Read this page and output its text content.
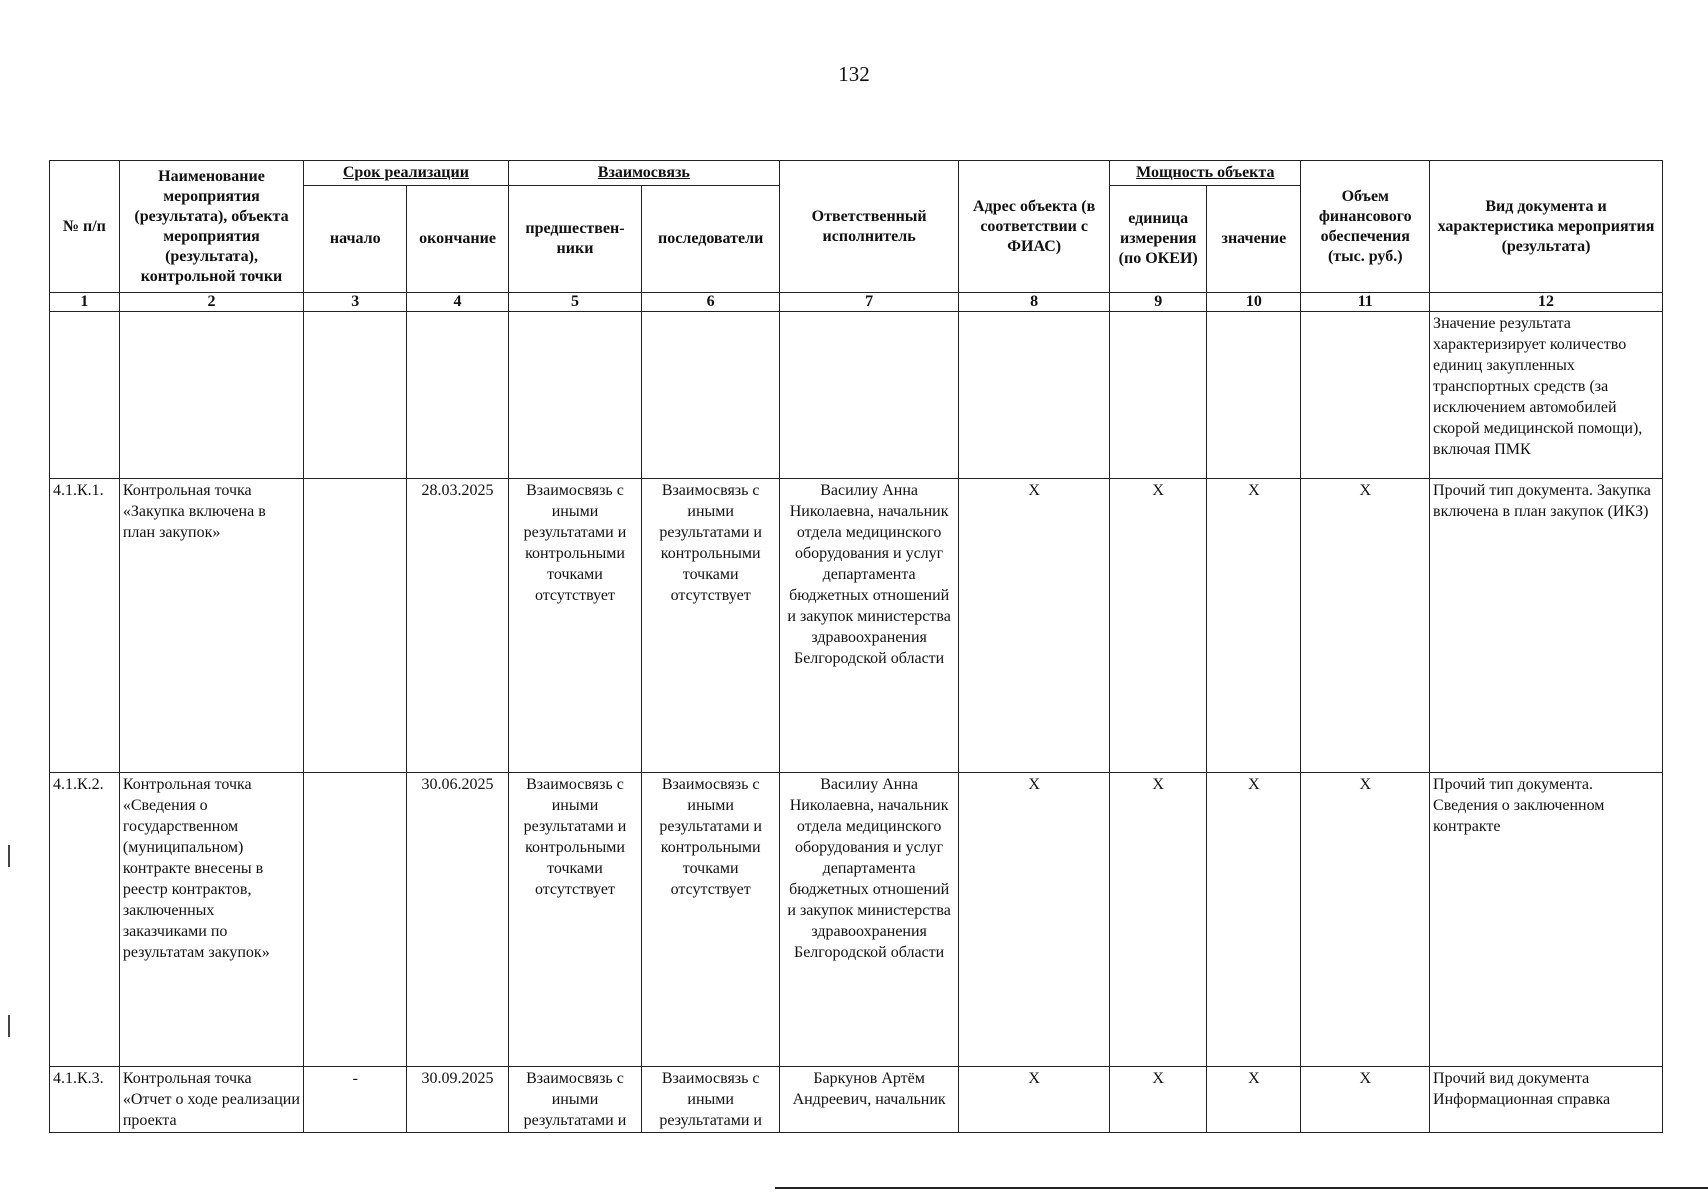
132
№ п/п	Наименование мероприятия (результата), объекта мероприятия (результата), контрольной точки	Срок реализации		Взаимосвязь		Ответственный исполнитель	Адрес объекта (в соответствии с ФИАС)	Мощность объекта		Объем финансового обеспечения (тыс. руб.)	Вид документа и характеристика мероприятия (результата)
		начало	окончание	предшествен-ники	последователи			единица измерения (по ОКЕИ)	значение		
1	2	3	4	5	6	7	8	9	10	11	12
											Значение результата характеризирует количество единиц закупленных транспортных средств (за исключением автомобилей скорой медицинской помощи), включая ПМК
4.1.К.1.	Контрольная точка «Закупка включена в план закупок»		28.03.2025	Взаимосвязь с иными результатами и контрольными точками отсутствует	Взаимосвязь с иными результатами и контрольными точками отсутствует	Василиу Анна Николаевна, начальник отдела медицинского оборудования и услуг департамента бюджетных отношений и закупок министерства здравоохранения Белгородской области	Х	Х	Х	Х	Прочий тип документа. Закупка включена в план закупок (ИКЗ)
4.1.К.2.	Контрольная точка «Сведения о государственном (муниципальном) контракте внесены в реестр контрактов, заключенных заказчиками по результатам закупок»		30.06.2025	Взаимосвязь с иными результатами и контрольными точками отсутствует	Взаимосвязь с иными результатами и контрольными точками отсутствует	Василиу Анна Николаевна, начальник отдела медицинского оборудования и услуг департамента бюджетных отношений и закупок министерства здравоохранения Белгородской области	Х	Х	Х	Х	Прочий тип документа. Сведения о заключенном контракте
4.1.К.3.	Контрольная точка «Отчет о ходе реализации проекта	-	30.09.2025	Взаимосвязь с иными результатами и	Взаимосвязь с иными результатами и	Баркунов Артём Андреевич, начальник	Х	Х	Х	Х	Прочий вид документа Информационная справка
